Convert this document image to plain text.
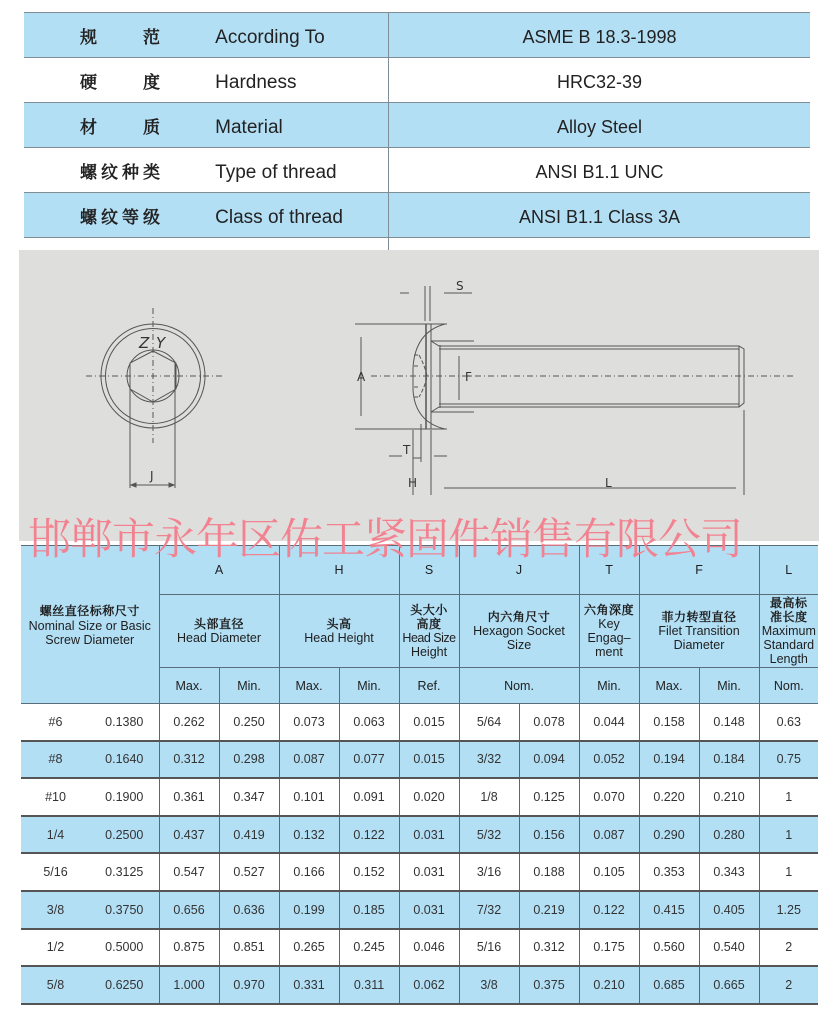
规范	According To	ASME B 18.3-1998
硬度	Hardness	HRC32-39
材质	Material	Alloy Steel
螺纹种类	Type of thread	ANSI B1.1 UNC
螺纹等级	Class of thread	ANSI B1.1 Class 3A

Z Y
J
S
A	F
T
H	L
邯郸市永年区佑工紧固件销售有限公司
螺丝直径标称尺寸
Nominal Size or Basic
Screw Diameter		A		H		S	J		T	F		L

头部直径
Head Diameter

头高
Head Height

头大小
高度
Head Size
Height

内六角尺寸
Hexagon Socket
Size

六角深度
Key
Engag–
ment

菲力转型直径
Filet Transition
Diameter

最高标
准长度
Maximum
Standard
Length

		Max.	Min.	Max.	Min.	Ref.	Nom.		Min.	Max.	Min.	Nom.
#6	0.1380	0.262	0.250	0.073	0.063	0.015	5/64	0.078	0.044	0.158	0.148	0.63
#8	0.1640	0.312	0.298	0.087	0.077	0.015	3/32	0.094	0.052	0.194	0.184	0.75
#10	0.1900	0.361	0.347	0.101	0.091	0.020	1/8	0.125	0.070	0.220	0.210	1
1/4	0.2500	0.437	0.419	0.132	0.122	0.031	5/32	0.156	0.087	0.290	0.280	1
5/16	0.3125	0.547	0.527	0.166	0.152	0.031	3/16	0.188	0.105	0.353	0.343	1
3/8	0.3750	0.656	0.636	0.199	0.185	0.031	7/32	0.219	0.122	0.415	0.405	1.25
1/2	0.5000	0.875	0.851	0.265	0.245	0.046	5/16	0.312	0.175	0.560	0.540	2
5/8	0.6250	1.000	0.970	0.331	0.311	0.062	3/8	0.375	0.210	0.685	0.665	2
